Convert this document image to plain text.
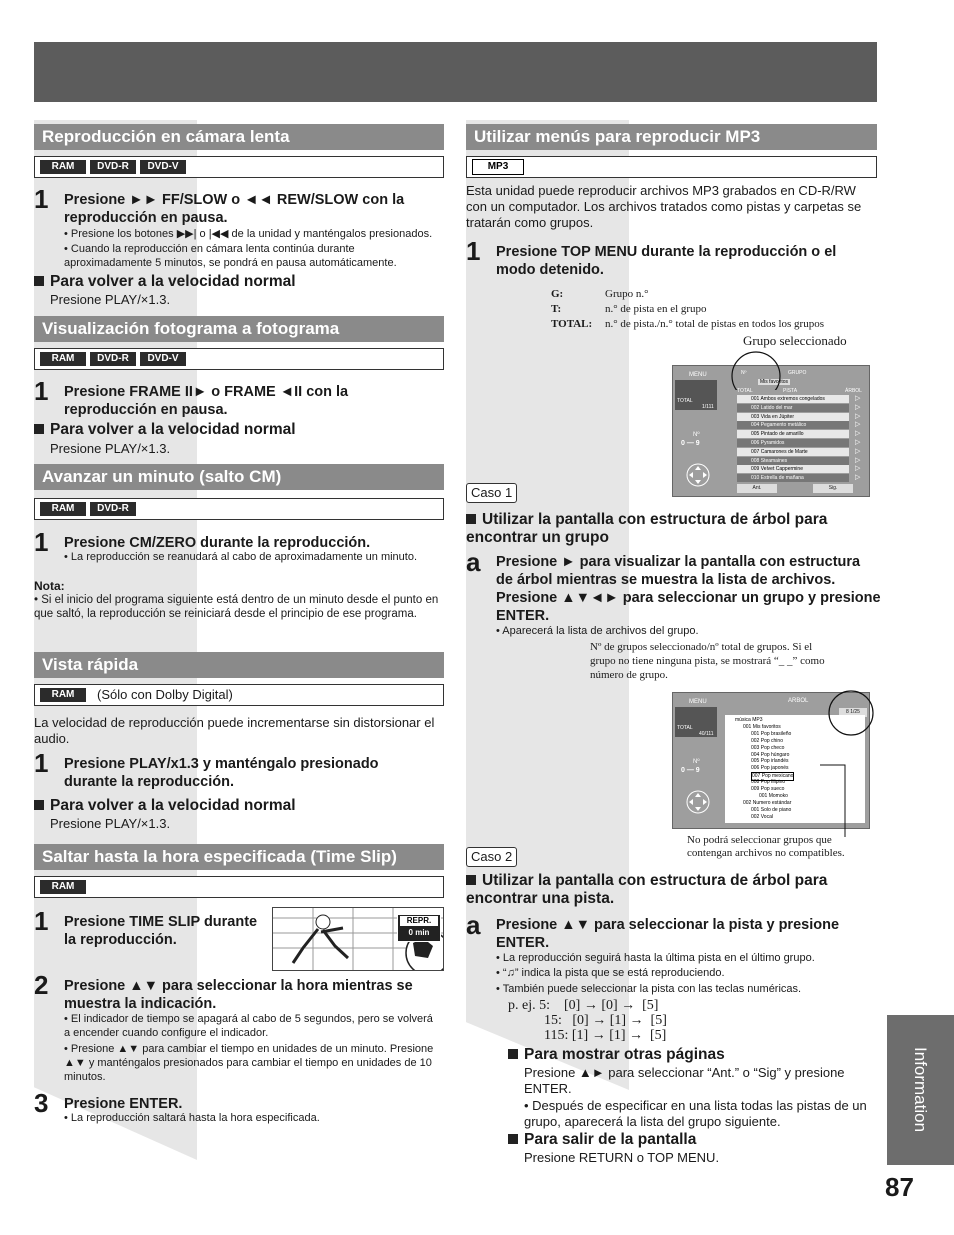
Reproducción en cámara lenta
RAM	DVD-R	DVD-V
1 Presione ►► FF/SLOW o ◄◄ REW/SLOW con la reproducción en pausa.
• Presione los botones ▶▶| o |◀◀ de la unidad y manténgalos presionados.
• Cuando la reproducción en cámara lenta continúa durante aproximadamente 5 minutos, se pondrá en pausa automáticamente.
Para volver a la velocidad normal
Presione PLAY/×1.3.
Visualización fotograma a fotograma
RAM	DVD-R	DVD-V
1 Presione FRAME II► o FRAME ◄II con la reproducción en pausa.
Para volver a la velocidad normal
Presione PLAY/×1.3.
Avanzar un minuto (salto CM)
RAM	DVD-R
1 Presione CM/ZERO durante la reproducción.
• La reproducción se reanudará al cabo de aproximadamente un minuto.
Nota:
• Si el inicio del programa siguiente está dentro de un minuto desde el punto en que saltó, la reproducción se reiniciará desde el principio de ese programa.
Vista rápida
RAM	(Sólo con Dolby Digital)
La velocidad de reproducción puede incrementarse sin distorsionar el audio.
1 Presione PLAY/x1.3 y manténgalo presionado durante la reproducción.
Para volver a la velocidad normal
Presione PLAY/×1.3.
Saltar hasta la hora especificada (Time Slip)
RAM
1 Presione TIME SLIP durante la reproducción.
REPR.
0 min
2 Presione ▲▼ para seleccionar la hora mientras se muestra la indicación.
• El indicador de tiempo se apagará al cabo de 5 segundos, pero se volverá a encender cuando configure el indicador.
• Presione ▲▼ para cambiar el tiempo en unidades de un minuto. Presione ▲▼ y manténgalos presionados para cambiar el tiempo en unidades de 10 minutos.
3 Presione ENTER.
• La reproducción saltará hasta la hora especificada.
Utilizar menús para reproducir MP3
MP3
Esta unidad puede reproducir archivos MP3 grabados en CD-R/RW con un computador. Los archivos tratados como pistas y carpetas se tratarán como grupos.
1 Presione TOP MENU durante la reproducción o el modo detenido.
G:	Grupo n.°
T:	n.° de pista en el grupo
TOTAL: n.° de pista./n.° total de pistas en todos los grupos
Grupo seleccionado
MENU
TOTAL
1/111
Nº
0 — 9
Nº	GRUPO
Mis favoritos
TOTAL	PISTA	ÁRBOL
001 Ambos extremos congelados	▷
002 Latido del mar	▷
003 Vida en Júpiter	▷
004 Pegamento metálico	▷
005 Pintado de amarillo	▷
006 Pyramidos	▷
007 Camarones de Marte	▷
008 Steamaines	▷
009 Velvet Cappermine	▷
010 Estrella de mañana	▷
Ant.	Sig.
Caso 1
Utilizar la pantalla con estructura de árbol para encontrar un grupo
a Presione ► para visualizar la pantalla con estructura de árbol mientras se muestra la lista de archivos. Presione ▲▼◄► para seleccionar un grupo y presione ENTER.
• Aparecerá la lista de archivos del grupo.
Nº de grupos seleccionado/nº total de grupos. Si el grupo no tiene ninguna pista, se mostrará “_ _” como número de grupo.
MENU	ARBOL
8 1/25
TOTAL
40/111
Nº
0 — 9
música MP3
001 Mis favoritos
001 Pop brasileño
002 Pop chino
003 Pop checo
004 Pop húngaro
005 Pop irlandés
006 Pop japonés
007 Pop mexicano
008 Pop filipino
009 Pop sueco
001 Momoko
002 Numero estándar
001 Solo de piano
002 Vocal
No podrá seleccionar grupos que contengan archivos no compatibles.
Caso 2
Utilizar la pantalla con estructura de árbol para encontrar una pista.
a Presione ▲▼ para seleccionar la pista y presione ENTER.
• La reproducción seguirá hasta la última pista en el último grupo.
• “♫” indica la pista que se está reproduciendo.
• También puede seleccionar la pista con las teclas numéricas.
p. ej. 5:    [0] → [0] →  [5]
15:   [0] → [1] →  [5]
115: [1] → [1] →  [5]
Para mostrar otras páginas
Presione ▲► para seleccionar “Ant.” o “Sig” y presione ENTER.
• Después de especificar en una lista todas las pistas de un grupo, aparecerá la lista del grupo siguiente.
Para salir de la pantalla
Presione RETURN o TOP MENU.
Information
87
